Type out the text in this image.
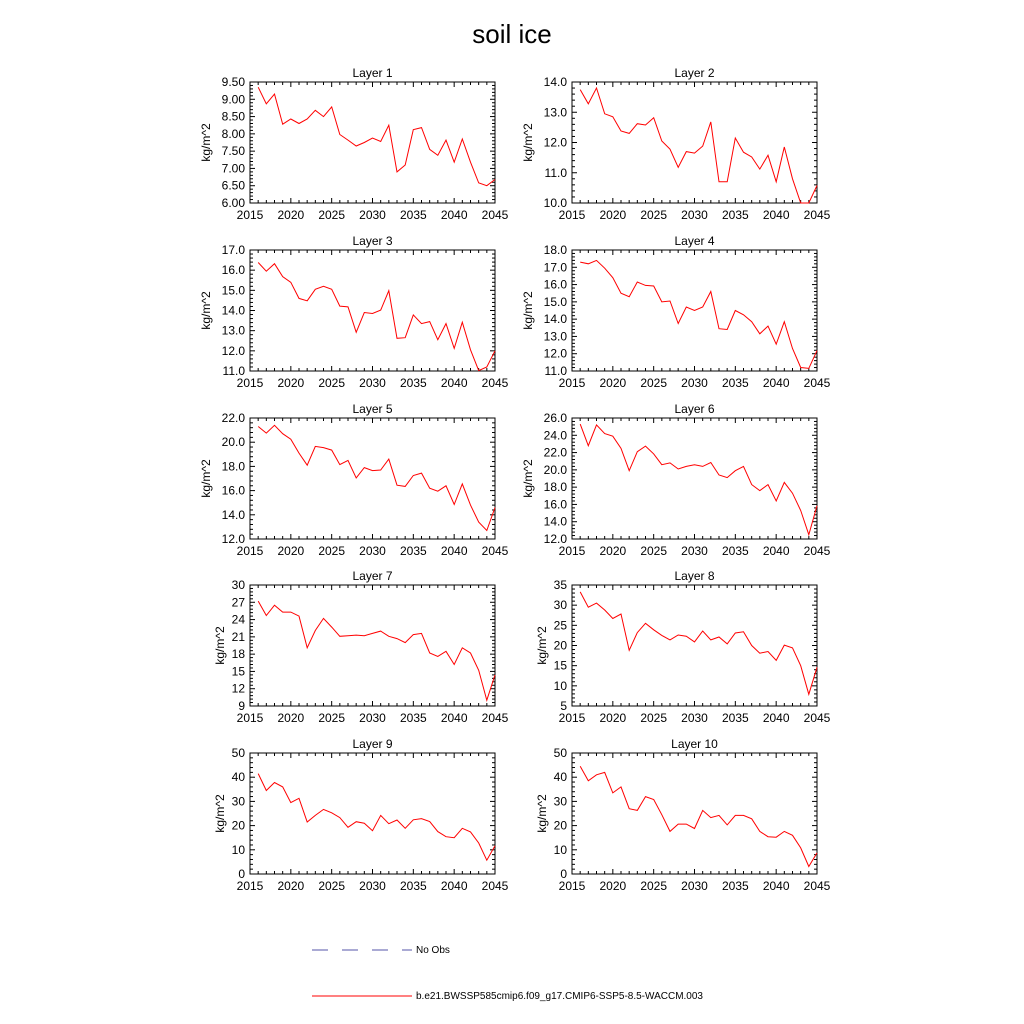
soil ice
Layer 1
2015 2020 2025 2030 2035 2040 2045
6.00
6.50
7.00
7.50
8.00
8.50
9.00
9.50
kg/m^2
Layer 2
2015 2020 2025 2030 2035 2040 2045
10.0
11.0
12.0
13.0
14.0
kg/m^2
Layer 3
2015 2020 2025 2030 2035 2040 2045
11.0
12.0
13.0
14.0
15.0
16.0
17.0
kg/m^2
Layer 4
2015 2020 2025 2030 2035 2040 2045
11.0
12.0
13.0
14.0
15.0
16.0
17.0
18.0
kg/m^2
Layer 5
2015 2020 2025 2030 2035 2040 2045
12.0
14.0
16.0
18.0
20.0
22.0
kg/m^2
Layer 6
2015 2020 2025 2030 2035 2040 2045
12.0
14.0
16.0
18.0
20.0
22.0
24.0
26.0
kg/m^2
Layer 7
2015 2020 2025 2030 2035 2040 2045
9
12
15
18
21
24
27
30
kg/m^2
Layer 8
2015 2020 2025 2030 2035 2040 2045
5
10
15
20
25
30
35
kg/m^2
Layer 9
2015 2020 2025 2030 2035 2040 2045
0
10
20
30
40
50
kg/m^2
Layer 10
2015 2020 2025 2030 2035 2040 2045
0
10
20
30
40
50
kg/m^2
No Obs
b.e21.BWSSP585cmip6.f09_g17.CMIP6-SSP5-8.5-WACCM.003
